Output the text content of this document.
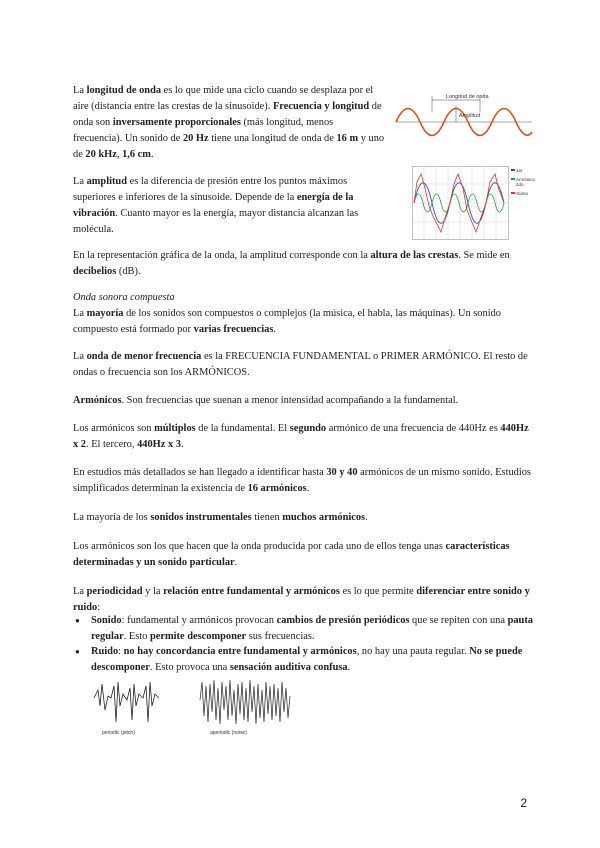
La longitud de onda es lo que mide una ciclo cuando se desplaza por el aire (distancia entre las crestas de la sinusoide). Frecuencia y longitud de onda son inversamente proporcionales (más longitud, menos frecuencia). Un sonido de 20 Hz tiene una longitud de onda de 16 m y uno de 20 kHz, 1,6 cm.

Longitud de onda
Amplitud

La amplitud es la diferencia de presión entre los puntos máximos superiores e inferiores de la sinusoide. Depende de la energía de la vibración. Cuanto mayor es la energía, mayor distancia alcanzan las molécula.

1er
Armónico
2do
Suma

En la representación gráfica de la onda, la amplitud corresponde con la altura de las crestas. Se mide en decibelios (dB).

Onda sonora compuesta
La mayoría de los sonidos son compuestos o complejos (la música, el habla, las máquinas). Un sonido compuesto está formado por varias frecuencias.

La onda de menor frecuencia es la FRECUENCIA FUNDAMENTAL o PRIMER ARMÓNICO. El resto de ondas o frecuencia son los ARMÓNICOS.

Armónicos. Son frecuencias que suenan a menor intensidad acompañando a la fundamental.

Los armónicos son múltiplos de la fundamental. El segundo armónico de una frecuencia de 440Hz es 440Hz x 2. El tercero, 440Hz x 3.

En estudios más detallados se han llegado a identificar hasta 30 y 40 armónicos de un mismo sonido. Estudios simplificados determinan la existencia de 16 armónicos.

La mayoría de los sonidos instrumentales tienen muchos armónicos.

Los armónicos son los que hacen que la onda producida por cada uno de ellos tenga unas características determinadas y un sonido particular.

La periodicidad y la relación entre fundamental y armónicos es lo que permite diferenciar entre sonido y ruido:

● Sonido: fundamental y armónicos provocan cambios de presión periódicos que se repiten con una pauta regular. Esto permite descomponer sus frecuencias.
● Ruido: no hay concordancia entre fundamental y armónicos, no hay una pauta regular. No se puede descomponer. Esto provoca una sensación auditiva confusa.
periodic (pitch)	aperiodic (noise)
2
